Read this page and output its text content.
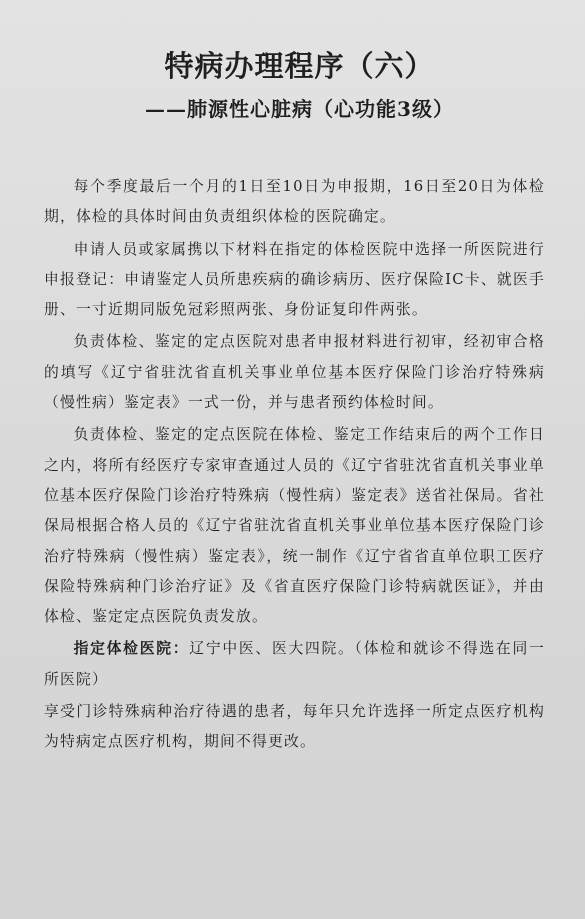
特病办理程序（六）
——肺源性心脏病（心功能3级）

每个季度最后一个月的1日至10日为申报期，16日至20日为体检期，体检的具体时间由负责组织体检的医院确定。

申请人员或家属携以下材料在指定的体检医院中选择一所医院进行申报登记：申请鉴定人员所患疾病的确诊病历、医疗保险IC卡、就医手册、一寸近期同版免冠彩照两张、身份证复印件两张。

负责体检、鉴定的定点医院对患者申报材料进行初审，经初审合格的填写《辽宁省驻沈省直机关事业单位基本医疗保险门诊治疗特殊病（慢性病）鉴定表》一式一份，并与患者预约体检时间。

负责体检、鉴定的定点医院在体检、鉴定工作结束后的两个工作日之内，将所有经医疗专家审查通过人员的《辽宁省驻沈省直机关事业单位基本医疗保险门诊治疗特殊病（慢性病）鉴定表》送省社保局。省社保局根据合格人员的《辽宁省驻沈省直机关事业单位基本医疗保险门诊治疗特殊病（慢性病）鉴定表》，统一制作《辽宁省省直单位职工医疗保险特殊病种门诊治疗证》及《省直医疗保险门诊特病就医证》，并由体检、鉴定定点医院负责发放。

指定体检医院：辽宁中医、医大四院。（体检和就诊不得选在同一所医院）

享受门诊特殊病种治疗待遇的患者，每年只允许选择一所定点医疗机构为特病定点医疗机构，期间不得更改。
